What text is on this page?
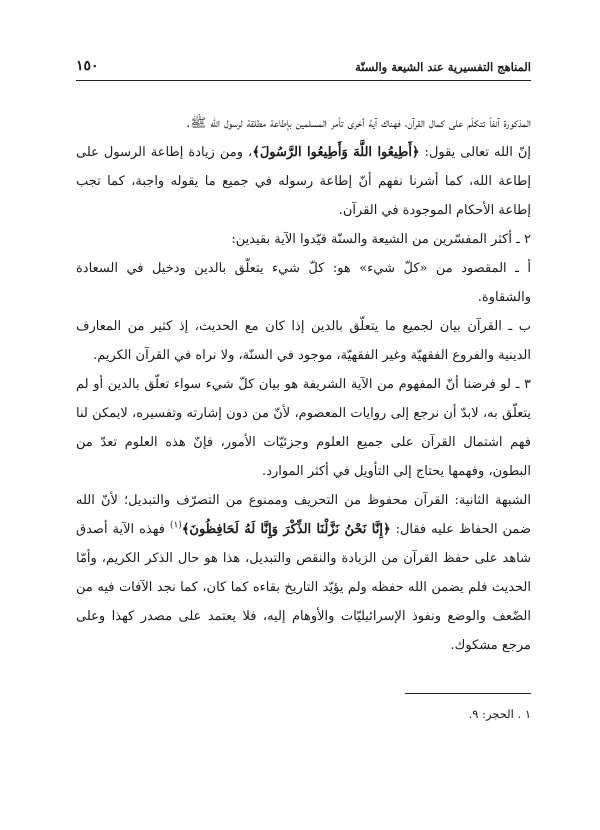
١٥٠	المناهج التفسيرية عند الشيعة والسنّة

المذكورة آنفاً تتكلّم على كمال القرآن، فهناك آية أخرى تأمر المسلمين بإطاعة مطلقة لرسول الله ﷺ.

إنّ الله تعالى يقول: ﴿أَطِيعُوا اللَّهَ وَأَطِيعُوا الرَّسُولَ﴾، ومن زيادة إطاعة الرسول على إطاعة الله، كما أشرنا نفهم أنّ إطاعة رسوله في جميع ما يقوله واجبة، كما تجب إطاعة الأحكام الموجودة في القرآن.

٢ ـ أكثر المفسّرين من الشيعة والسنّة قيّدوا الآية بقيدين:

أ ـ المقصود من «كلّ شيء» هو: كلّ شيء يتعلّق بالدين ودخيل في السعادة والشقاوة.

ب ـ القرآن بيان لجميع ما يتعلّق بالدين إذا كان مع الحديث، إذ كثير من المعارف الدينية والفروع الفقهيّة وغير الفقهيّة، موجود في السنّة، ولا نراه في القرآن الكريم.

٣ ـ لو فرضنا أنّ المفهوم من الآية الشريفة هو بيان كلّ شيء سواء تعلّق بالدين أو لم يتعلّق به، لابدّ أن نرجع إلى روايات المعصوم، لأنّ من دون إشارته وتفسيره، لايمكن لنا فهم اشتمال القرآن على جميع العلوم وجزئيّات الأمور، فإنّ هذه العلوم تعدّ من البطون، وفهمها يحتاج إلى التأويل في أكثر الموارد.

الشبهة الثانية: القرآن محفوظ من التحريف وممنوع من التصرّف والتبديل؛ لأنّ الله ضمن الحفاظ عليه فقال: ﴿إِنَّا نَحْنُ نَزَّلْنَا الذِّكْرَ وَإِنَّا لَهُ لَحَافِظُونَ﴾$^{(١)}$ فهذه الآية أصدق شاهد على حفظ القرآن من الزيادة والنقص والتبديل، هذا هو حال الذكر الكريم، وأمّا الحديث فلم يضمن الله حفظه ولم يؤيّد التاريخ بقاءه كما كان، كما نجد الآفات فيه من الضّعف والوضع ونفوذ الإسرائيليّات والأوهام إليه، فلا يعتمد على مصدر كهذا وعلى مرجع مشكوك.

١ . الحجر: ٩.
